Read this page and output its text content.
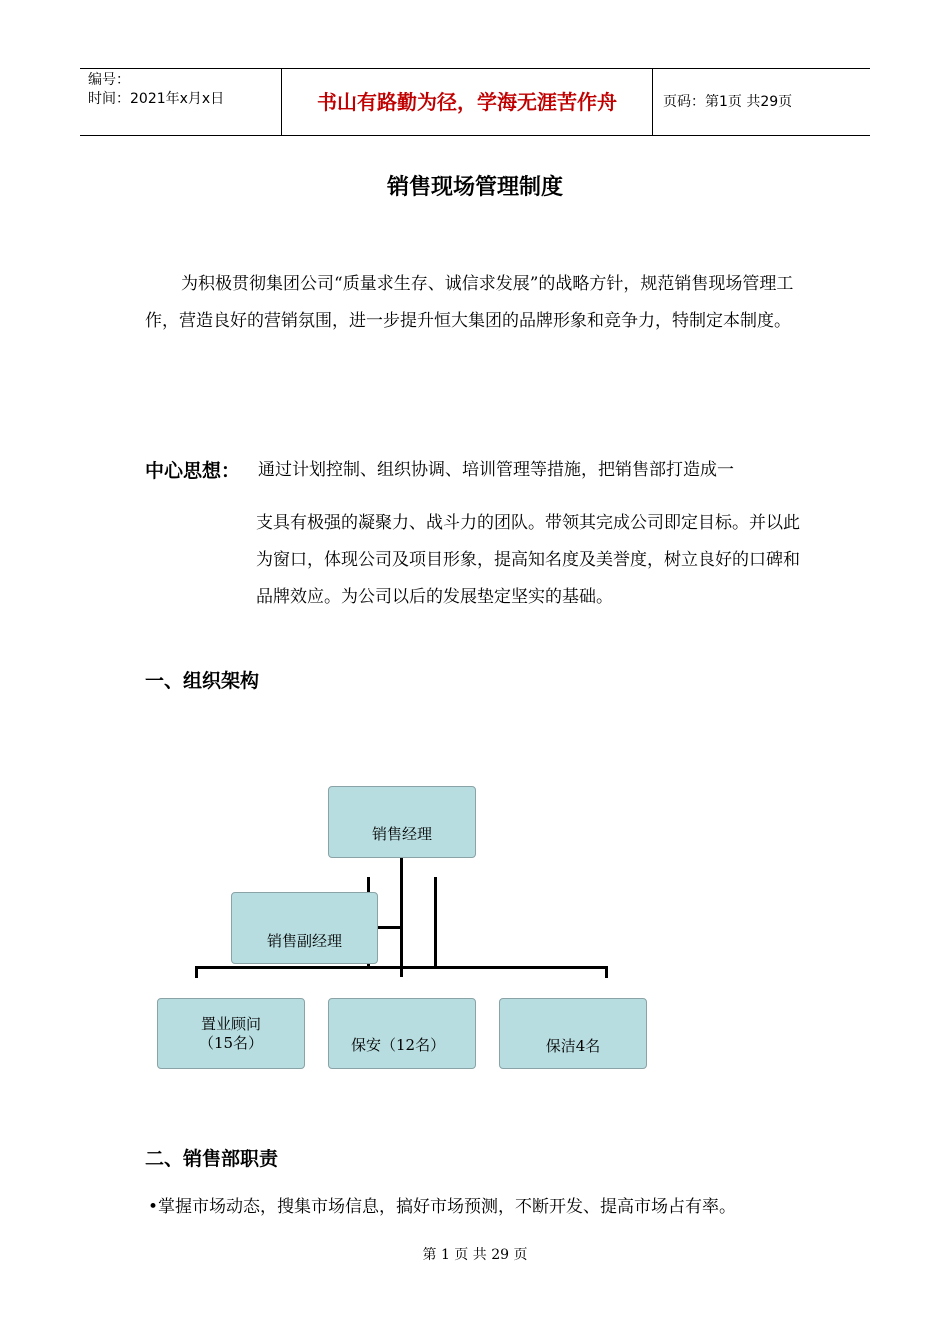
编号：
时间：2021年x月x日	书山有路勤为径，学海无涯苦作舟	页码：第1页 共29页
销售现场管理制度
为积极贯彻集团公司“质量求生存、诚信求发展”的战略方针，规范销售现场管理工作，营造良好的营销氛围，进一步提升恒大集团的品牌形象和竞争力，特制定本制度。
中心思想： 通过计划控制、组织协调、培训管理等措施，把销售部打造成一
支具有极强的凝聚力、战斗力的团队。带领其完成公司即定目标。并以此为窗口，体现公司及项目形象，提高知名度及美誉度，树立良好的口碑和品牌效应。为公司以后的发展垫定坚实的基础。
一、组织架构
销售经理
销售副经理
置业顾问
（15名）	保安（12名）	保洁4名
二、销售部职责
•掌握市场动态，搜集市场信息，搞好市场预测，不断开发、提高市场占有率。
第 1 页 共 29 页
